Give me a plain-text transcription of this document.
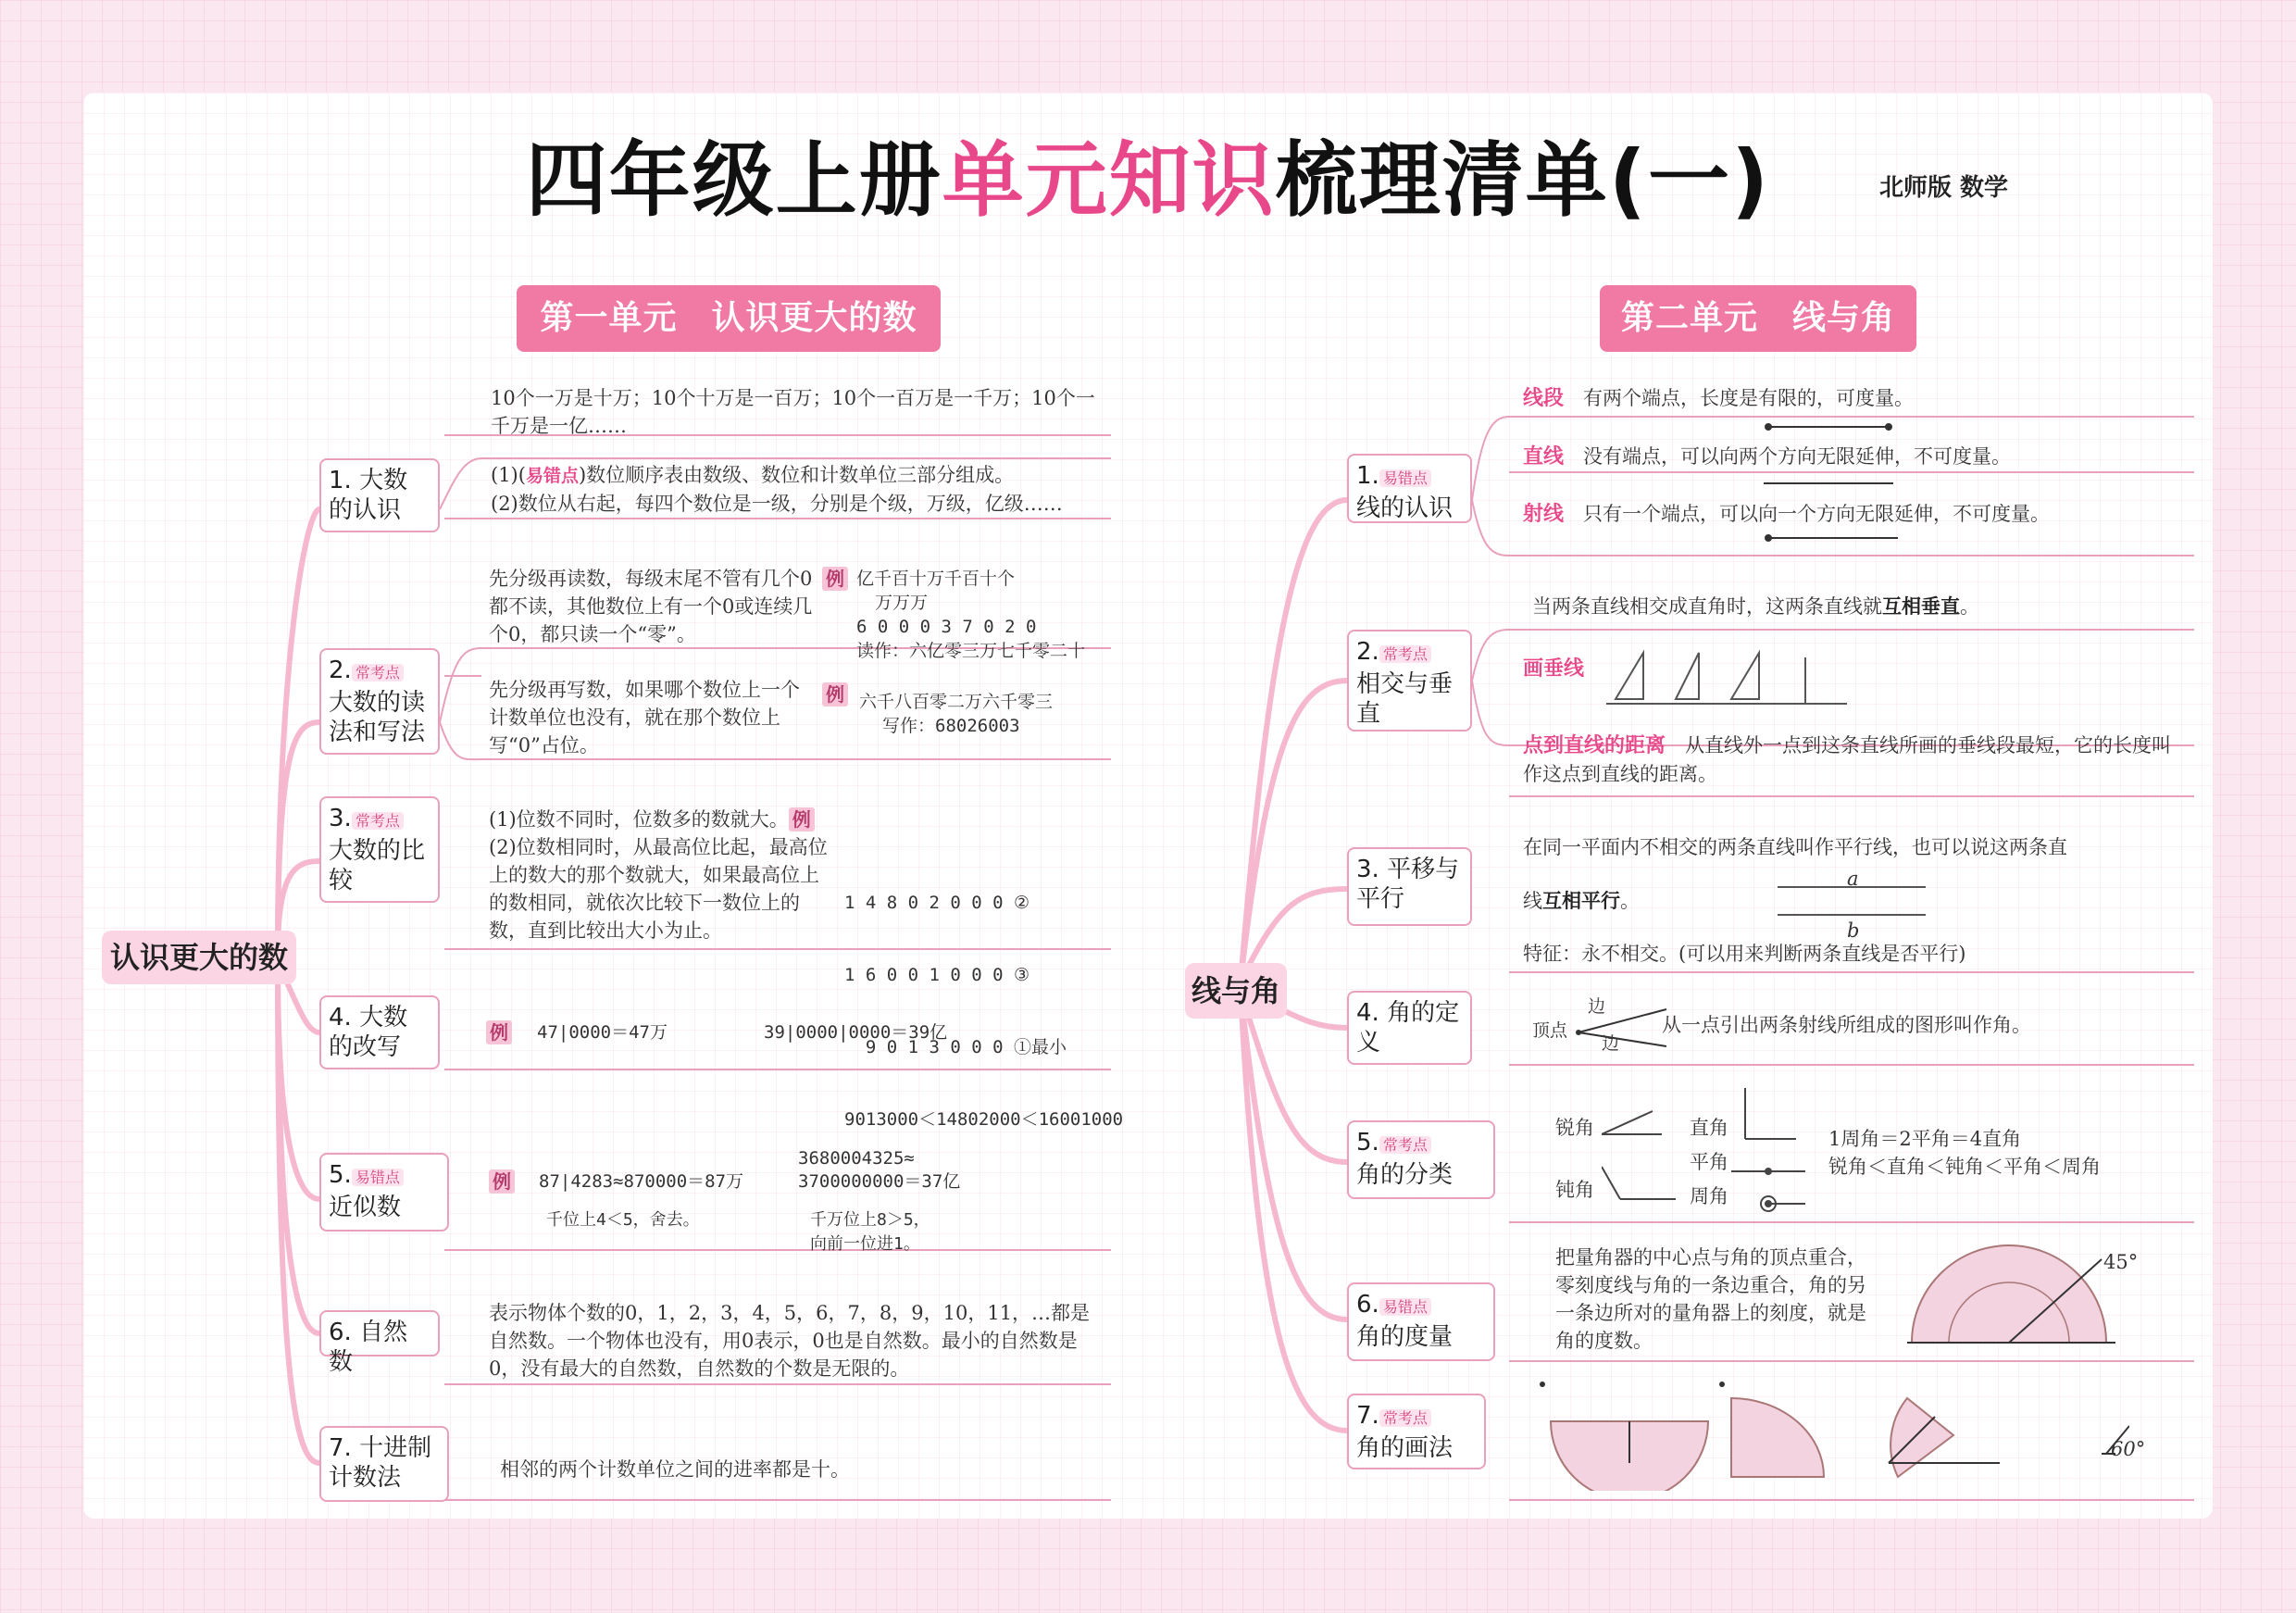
四年级上册单元知识梳理清单(一)	北师版 数学
第一单元　认识更大的数
认识更大的数
10个一万是十万；10个十万是一百万；10个一百万是一千万；10个一千万是一亿……
1. 大数的认识
(1)(易错点)数位顺序表由数级、数位和计数单位三部分组成。
(2)数位从右起，每四个数位是一级，分别是个级，万级，亿级……
2. 常考点
大数的读法和写法
先分级再读数，每级末尾不管有几个0都不读，其他数位上有一个0或连续几个0，都只读一个“零”。
例 亿千百十万千百十个
万万万
6 0 0 0 3 7 0 2 0
读作：六亿零三万七千零二十
先分级再写数，如果哪个数位上一个计数单位也没有，就在那个数位上写“0”占位。
例 六千八百零二万六千零三
写作：68026003
3. 常考点
大数的比较
(1)位数不同时，位数多的数就大。 例
(2)位数相同时，从最高位比起，最高位上的数大的那个数就大，如果最高位上的数相同，就依次比较下一数位上的数，直到比较出大小为止。

1 4 8 0 2 0 0 0 ②

1 6 0 0 1 0 0 0 ③

9 0 1 3 0 0 0 ①最小

9013000＜14802000＜16001000

4. 大数的改写
例 47|0000＝47万	39|0000|0000＝39亿
5. 易错点
近似数
例 87|4283≈870000＝87万
千位上4＜5，舍去。
3680004325≈
3700000000＝37亿
千万位上8＞5，
向前一位进1。
6. 自然数
表示物体个数的0，1，2，3，4，5，6，7，8，9，10，11，…都是自然数。一个物体也没有，用0表示，0也是自然数。最小的自然数是0，没有最大的自然数，自然数的个数是无限的。
7. 十进制计数法	相邻的两个计数单位之间的进率都是十。
第二单元　线与角
线与角
1. 易错点
线的认识
线段　 有两个端点，长度是有限的，可度量。
直线　 没有端点，可以向两个方向无限延伸，不可度量。
射线　 只有一个端点，可以向一个方向无限延伸，不可度量。
2. 常考点
相交与垂直
当两条直线相交成直角时，这两条直线就互相垂直。
画垂线
点到直线的距离　 从直线外一点到这条直线所画的垂线段最短，它的长度叫作这点到直线的距离。
3. 平移与平行
在同一平面内不相交的两条直线叫作平行线，也可以说这两条直
线互相平行。
a
b
特征：永不相交。(可以用来判断两条直线是否平行)
4. 角的定义	顶点
边
边
从一点引出两条射线所组成的图形叫作角。
5. 常考点
角的分类
锐角
钝角
直角
平角
周角
1周角＝2平角＝4直角
锐角＜直角＜钝角＜平角＜周角
6. 易错点
角的度量
把量角器的中心点与角的顶点重合，零刻度线与角的一条边重合，角的另一条边所对的量角器上的刻度，就是角的度数。
45°
7. 常考点
角的画法	60°
